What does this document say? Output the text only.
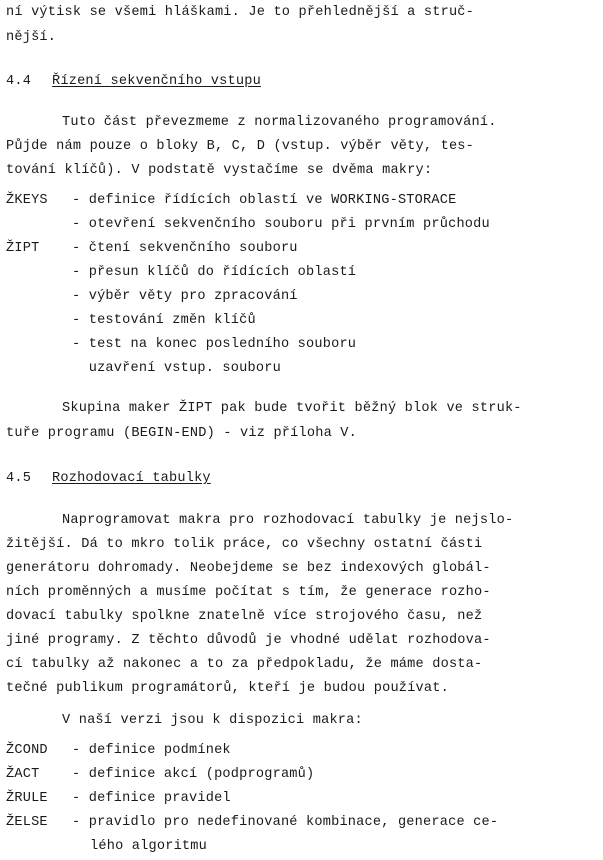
ní výtisk se všemi hláškami. Je to přehlednější a struč-
nější.
4.4 Řízení sekvenčního vstupu
Tuto část převezmeme z normalizovaného programování.
Půjde nám pouze o bloky B, C, D (vstup. výběr věty, tes-
tování klíčů). V podstatě vystačíme se dvěma makry:
ŽKEYS - definice řídících oblastí ve WORKING-STORACE
- otevření sekvenčního souboru při prvním průchodu
ŽIPT - čtení sekvenčního souboru
- přesun klíčů do řídících oblastí
- výběr věty pro zpracování
- testování změn klíčů
- test na konec posledního souboru
uzavření vstup. souboru
Skupina maker ŽIPT pak bude tvořit běžný blok ve struk-
tuře programu (BEGIN-END) - viz příloha V.
4.5 Rozhodovací tabulky
Naprogramovat makra pro rozhodovací tabulky je nejslo-
žitější. Dá to mkro tolik práce, co všechny ostatní části
generátoru dohromady. Neobejdeme se bez indexových globál-
ních proměnných a musíme počítat s tím, že generace rozho-
dovací tabulky spolkne znatelně více strojového času, než
jiné programy. Z těchto důvodů je vhodné udělat rozhodova-
cí tabulky až nakonec a to za předpokladu, že máme dosta-
tečné publikum programátorů, kteří je budou používat.
V naší verzi jsou k dispozici makra:
ŽCOND - definice podmínek
ŽACT - definice akcí (podprogramů)
ŽRULE - definice pravidel
ŽELSE - pravidlo pro nedefinované kombinace, generace ce-
lého algoritmu
